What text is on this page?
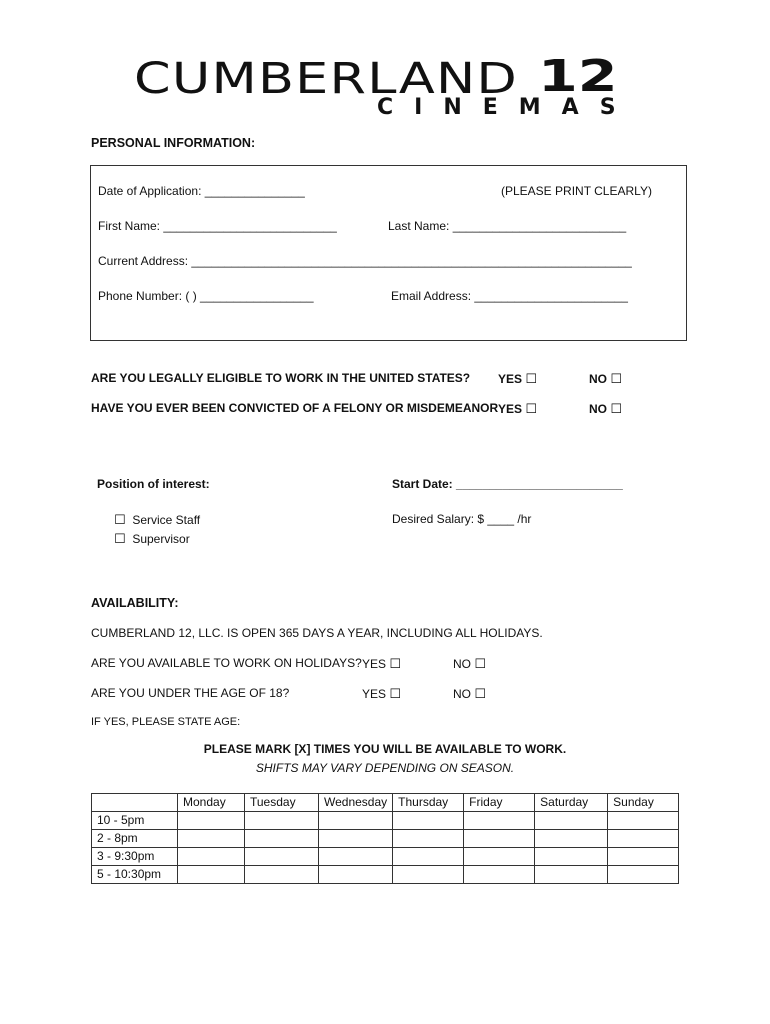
CUMBERLAND 12
CINEMAS
PERSONAL INFORMATION:
Date of Application: _______________	(PLEASE PRINT CLEARLY)
First Name: __________________________	Last Name: __________________________
Current Address: __________________________________________________________________
Phone Number: ( ) _________________	Email Address: _______________________
ARE YOU LEGALLY ELIGIBLE TO WORK IN THE UNITED STATES? YES ☐	NO ☐
HAVE YOU EVER BEEN CONVICTED OF A FELONY OR MISDEMEANOR YES ☐	NO ☐
Position of interest:
☐ Service Staff
☐ Supervisor
Start Date: _________________________
Desired Salary: $ ____ /hr
AVAILABILITY:
CUMBERLAND 12, LLC. IS OPEN 365 DAYS A YEAR, INCLUDING ALL HOLIDAYS.
ARE YOU AVAILABLE TO WORK ON HOLIDAYS? YES ☐	NO ☐
ARE YOU UNDER THE AGE OF 18?	YES ☐	NO ☐
IF YES, PLEASE STATE AGE:
PLEASE MARK [X] TIMES YOU WILL BE AVAILABLE TO WORK.
SHIFTS MAY VARY DEPENDING ON SEASON.
	Monday	Tuesday	Wednesday	Thursday	Friday	Saturday	Sunday
10 - 5pm							
2 - 8pm							
3 - 9:30pm							
5 - 10:30pm							
